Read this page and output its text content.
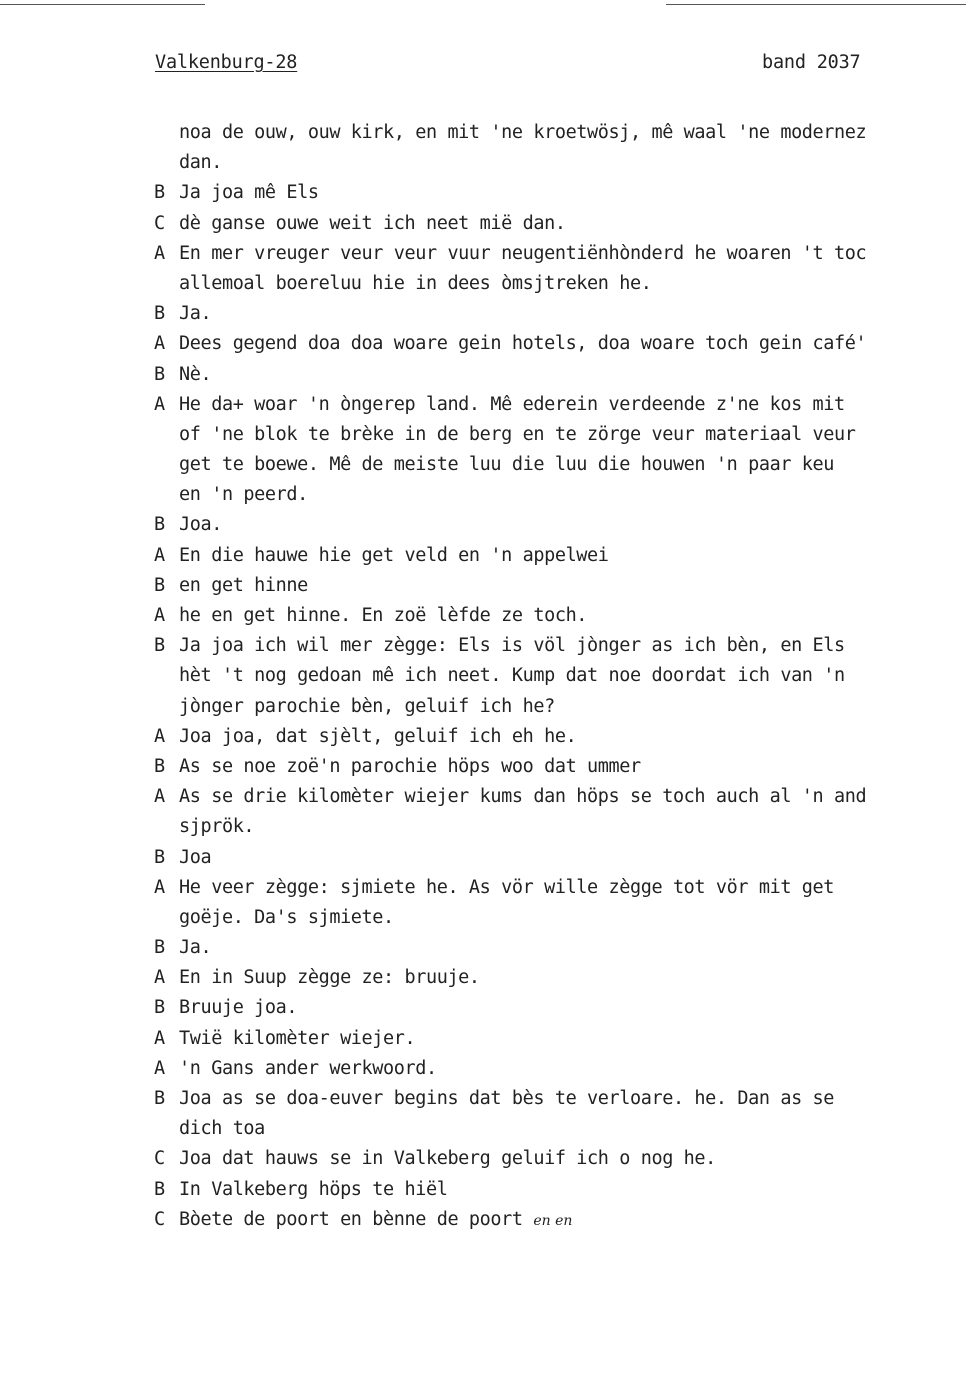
Valkenburg-28	band 2037
noa de ouw, ouw kirk, en mit 'ne kroetwösj, mê waal 'ne modernez
dan.
B Ja joa mê Els
C dè ganse ouwe weit ich neet mië dan.
A En mer vreuger veur veur vuur neugentiënhònderd he woaren 't toc
allemoal boereluu hie in dees òmsjtreken he.
B Ja.
A Dees gegend doa doa woare gein hotels, doa woare toch gein café'
B Nè.
A He da+ woar 'n òngerep land. Mê ederein verdeende z'ne kos mit
of 'ne blok te brèke in de berg en te zörge veur materiaal veur
get te boewe. Mê de meiste luu die luu die houwen 'n paar keu
en 'n peerd.
B Joa.
A En die hauwe hie get veld en 'n appelwei
B en get hinne
A he en get hinne. En zoë lèfde ze toch.
B Ja joa ich wil mer zègge: Els is völ jònger as ich bèn, en Els
hèt 't nog gedoan mê ich neet. Kump dat noe doordat ich van 'n
jònger parochie bèn, geluif ich he?
A Joa joa, dat sjèlt, geluif ich eh he.
B As se noe zoë'n parochie höps woo dat ummer
A As se drie kilomèter wiejer kums dan höps se toch auch al 'n and
sjprök.
B Joa
A He veer zègge: sjmiete he. As vör wille zègge tot vör mit get
goëje. Da's sjmiete.
B Ja.
A En in Suup zègge ze: bruuje.
B Bruuje joa.
A Twië kilomèter wiejer.
A 'n Gans ander werkwoord.
B Joa as se doa-euver begins dat bès te verloare. he. Dan as se
dich toa
C Joa dat hauws se in Valkeberg geluif ich o nog he.
B In Valkeberg höps te hiël
C Bòete de poort en bènne de poort en en
